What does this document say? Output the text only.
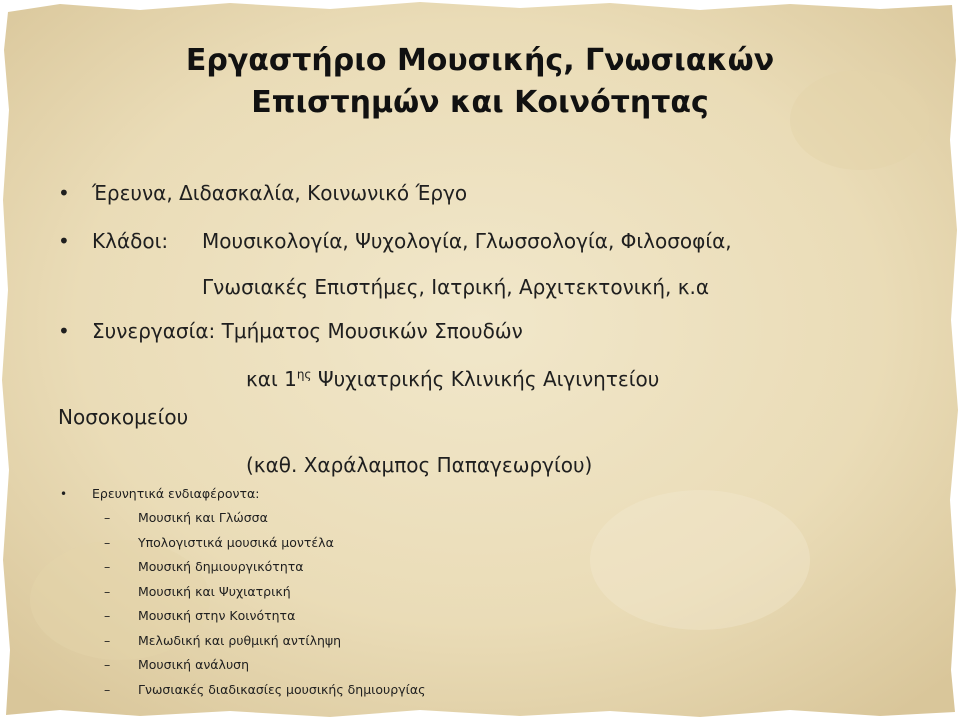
Εργαστήριο Μουσικής, Γνωσιακών
Επιστημών και Κοινότητας
• Έρευνα, Διδασκαλία, Κοινωνικό Έργο
• Κλάδοι: Μουσικολογία, Ψυχολογία, Γλωσσολογία, Φιλοσοφία,
Γνωσιακές Επιστήμες, Ιατρική, Αρχιτεκτονική, κ.α
• Συνεργασία: Τμήματος Μουσικών Σπουδών
και $1^{\eta\varsigma}$ Ψυχιατρικής Κλινικής Αιγινητείου
Νοσοκομείου
(καθ. Χαράλαμπος Παπαγεωργίου)
• Ερευνητικά ενδιαφέροντα:
– Μουσική και Γλώσσα
– Υπολογιστικά μουσικά μοντέλα
– Μουσική δημιουργικότητα
– Μουσική και Ψυχιατρική
– Μουσική στην Κοινότητα
– Μελωδική και ρυθμική αντίληψη
– Μουσική ανάλυση
– Γνωσιακές διαδικασίες μουσικής δημιουργίας
